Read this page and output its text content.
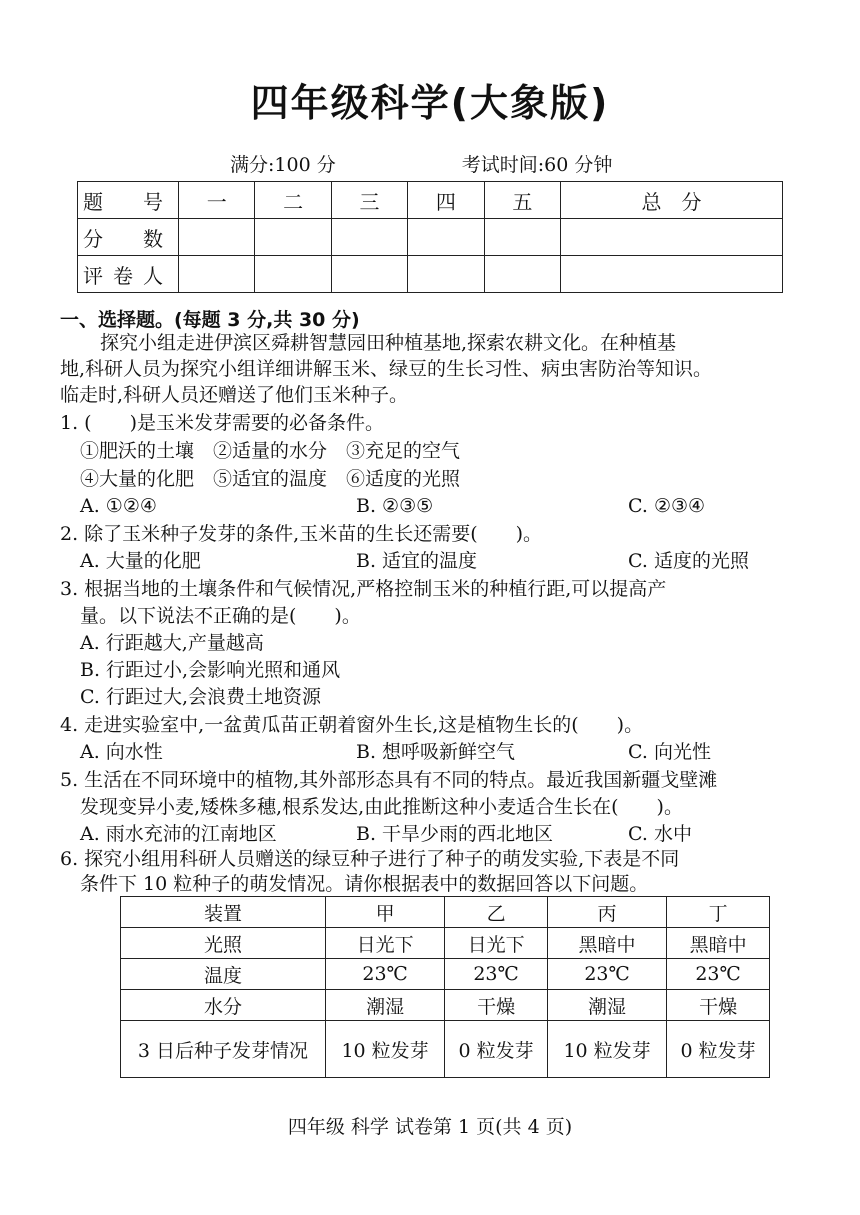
四年级科学(大象版)
满分:100 分	考试时间:60 分钟
题　号	一	二	三	四	五	总　分
分　数						
评卷人						
一、选择题。(每题 3 分,共 30 分)
探究小组走进伊滨区舜耕智慧园田种植基地,探索农耕文化。在种植基
地,科研人员为探究小组详细讲解玉米、绿豆的生长习性、病虫害防治等知识。
临走时,科研人员还赠送了他们玉米种子。
1. (　　)是玉米发芽需要的必备条件。
①肥沃的土壤　②适量的水分　③充足的空气
④大量的化肥　⑤适宜的温度　⑥适度的光照
A. ①②④	B. ②③⑤	C. ②③④
2. 除了玉米种子发芽的条件,玉米苗的生长还需要(　　)。
A. 大量的化肥	B. 适宜的温度	C. 适度的光照
3. 根据当地的土壤条件和气候情况,严格控制玉米的种植行距,可以提高产
量。以下说法不正确的是(　　)。
A. 行距越大,产量越高
B. 行距过小,会影响光照和通风
C. 行距过大,会浪费土地资源
4. 走进实验室中,一盆黄瓜苗正朝着窗外生长,这是植物生长的(　　)。
A. 向水性	B. 想呼吸新鲜空气	C. 向光性
5. 生活在不同环境中的植物,其外部形态具有不同的特点。最近我国新疆戈壁滩
发现变异小麦,矮株多穗,根系发达,由此推断这种小麦适合生长在(　　)。
A. 雨水充沛的江南地区	B. 干旱少雨的西北地区	C. 水中
6. 探究小组用科研人员赠送的绿豆种子进行了种子的萌发实验,下表是不同
条件下 10 粒种子的萌发情况。请你根据表中的数据回答以下问题。
装置	甲	乙	丙	丁
光照	日光下	日光下	黑暗中	黑暗中
温度	23℃	23℃	23℃	23℃
水分	潮湿	干燥	潮湿	干燥
3 日后种子发芽情况	10 粒发芽	0 粒发芽	10 粒发芽	0 粒发芽
四年级 科学 试卷第 1 页(共 4 页)
